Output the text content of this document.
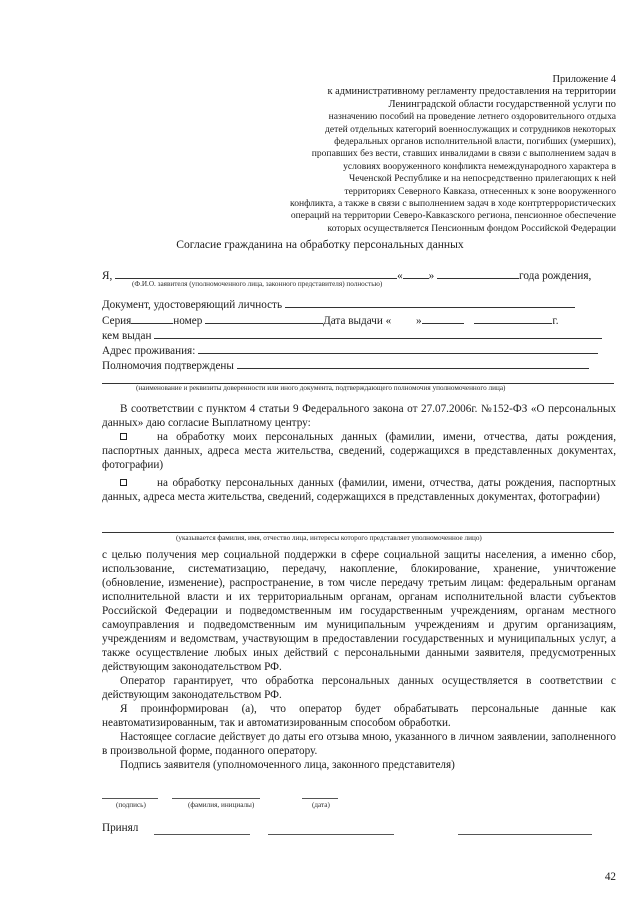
Приложение 4
к административному регламенту предоставления на территории
Ленинградской области государственной услуги по
назначению пособий на проведение летнего оздоровительного отдыха
детей отдельных категорий военнослужащих и сотрудников некоторых
федеральных органов исполнительной власти, погибших (умерших),
пропавших без вести, ставших инвалидами в связи с выполнением задач в
условиях вооруженного конфликта немеждународного характера в
Чеченской Республике и на непосредственно прилегающих к ней
территориях Северного Кавказа, отнесенных к зоне вооруженного
конфликта, а также в связи с выполнением задач в ходе контртеррористических
операций на территории Северо-Кавказского региона, пенсионное обеспечение
которых осуществляется Пенсионным фондом Российской Федерации
Согласие гражданина на обработку персональных данных
Я,	« »	года рождения,
(Ф.И.О. заявителя (уполномоченного лица, законного представителя) полностью)
Документ, удостоверяющий личность
Серия	номер	Дата выдачи « »	г.
кем выдан
Адрес проживания:
Полномочия подтверждены
(наименование и реквизиты доверенности или иного документа, подтверждающего полномочия уполномоченного лица)
В соответствии с пунктом 4 статьи 9 Федерального закона от 27.07.2006г. №152-ФЗ «О персональных данных» даю согласие Выплатному центру:
на обработку моих персональных данных (фамилии, имени, отчества, даты рождения, паспортных данных, адреса места жительства, сведений, содержащихся в представленных документах, фотографии)
на обработку персональных данных (фамилии, имени, отчества, даты рождения, паспортных данных, адреса места жительства, сведений, содержащихся в представленных документах, фотографии)
(указывается фамилия, имя, отчество лица, интересы которого представляет уполномоченное лицо)

с целью получения мер социальной поддержки в сфере социальной защиты населения, а именно сбор, использование, систематизацию, передачу, накопление, блокирование, хранение, уничтожение (обновление, изменение), распространение, в том числе передачу третьим лицам: федеральным органам исполнительной власти и их территориальным органам, органам исполнительной власти субъектов Российской Федерации и подведомственным им государственным учреждениям, органам местного самоуправления и подведомственным им муниципальным учреждениям и другим организациям, учреждениям и ведомствам, участвующим в предоставлении государственных и муниципальных услуг, а также осуществление любых иных действий с персональными данными заявителя, предусмотренных действующим законодательством РФ.

Оператор гарантирует, что обработка персональных данных осуществляется в соответствии с действующим законодательством РФ.

Я проинформирован (а), что оператор будет обрабатывать персональные данные как неавтоматизированным, так и автоматизированным способом обработки.

Настоящее согласие действует до даты его отзыва мною, указанного в личном заявлении, заполненного в произвольной форме, поданного оператору.

Подпись заявителя (уполномоченного лица, законного представителя)

(подпись)	(фамилия, инициалы)	(дата)
Принял
42
